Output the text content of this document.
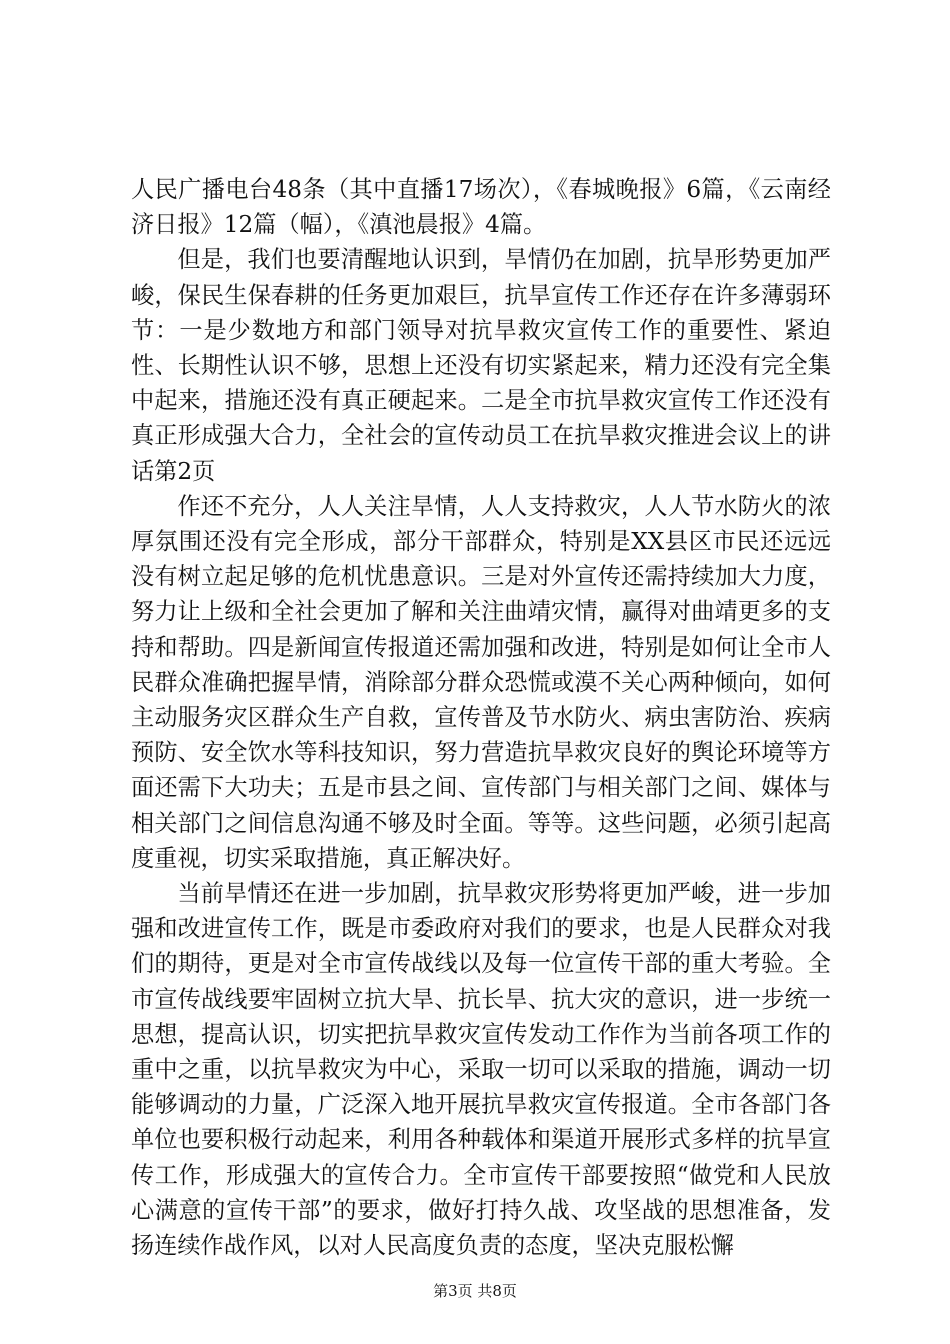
人民广播电台48条（其中直播17场次），《春城晚报》6篇，《云南经济日报》12篇（幅），《滇池晨报》4篇。

但是，我们也要清醒地认识到，旱情仍在加剧，抗旱形势更加严峻，保民生保春耕的任务更加艰巨，抗旱宣传工作还存在许多薄弱环节：一是少数地方和部门领导对抗旱救灾宣传工作的重要性、紧迫性、长期性认识不够，思想上还没有切实紧起来，精力还没有完全集中起来，措施还没有真正硬起来。二是全市抗旱救灾宣传工作还没有真正形成强大合力，全社会的宣传动员工在抗旱救灾推进会议上的讲话第2页

作还不充分，人人关注旱情，人人支持救灾，人人节水防火的浓厚氛围还没有完全形成，部分干部群众，特别是XX县区市民还远远没有树立起足够的危机忧患意识。三是对外宣传还需持续加大力度，努力让上级和全社会更加了解和关注曲靖灾情，赢得对曲靖更多的支持和帮助。四是新闻宣传报道还需加强和改进，特别是如何让全市人民群众准确把握旱情，消除部分群众恐慌或漠不关心两种倾向，如何主动服务灾区群众生产自救，宣传普及节水防火、病虫害防治、疾病预防、安全饮水等科技知识，努力营造抗旱救灾良好的舆论环境等方面还需下大功夫；五是市县之间、宣传部门与相关部门之间、媒体与相关部门之间信息沟通不够及时全面。等等。这些问题，必须引起高度重视，切实采取措施，真正解决好。

当前旱情还在进一步加剧，抗旱救灾形势将更加严峻，进一步加强和改进宣传工作，既是市委政府对我们的要求，也是人民群众对我们的期待，更是对全市宣传战线以及每一位宣传干部的重大考验。全市宣传战线要牢固树立抗大旱、抗长旱、抗大灾的意识，进一步统一思想，提高认识，切实把抗旱救灾宣传发动工作作为当前各项工作的重中之重，以抗旱救灾为中心，采取一切可以采取的措施，调动一切能够调动的力量，广泛深入地开展抗旱救灾宣传报道。全市各部门各单位也要积极行动起来，利用各种载体和渠道开展形式多样的抗旱宣传工作，形成强大的宣传合力。全市宣传干部要按照“做党和人民放心满意的宣传干部”的要求，做好打持久战、攻坚战的思想准备，发扬连续作战作风，以对人民高度负责的态度，坚决克服松懈

第3页 共8页
